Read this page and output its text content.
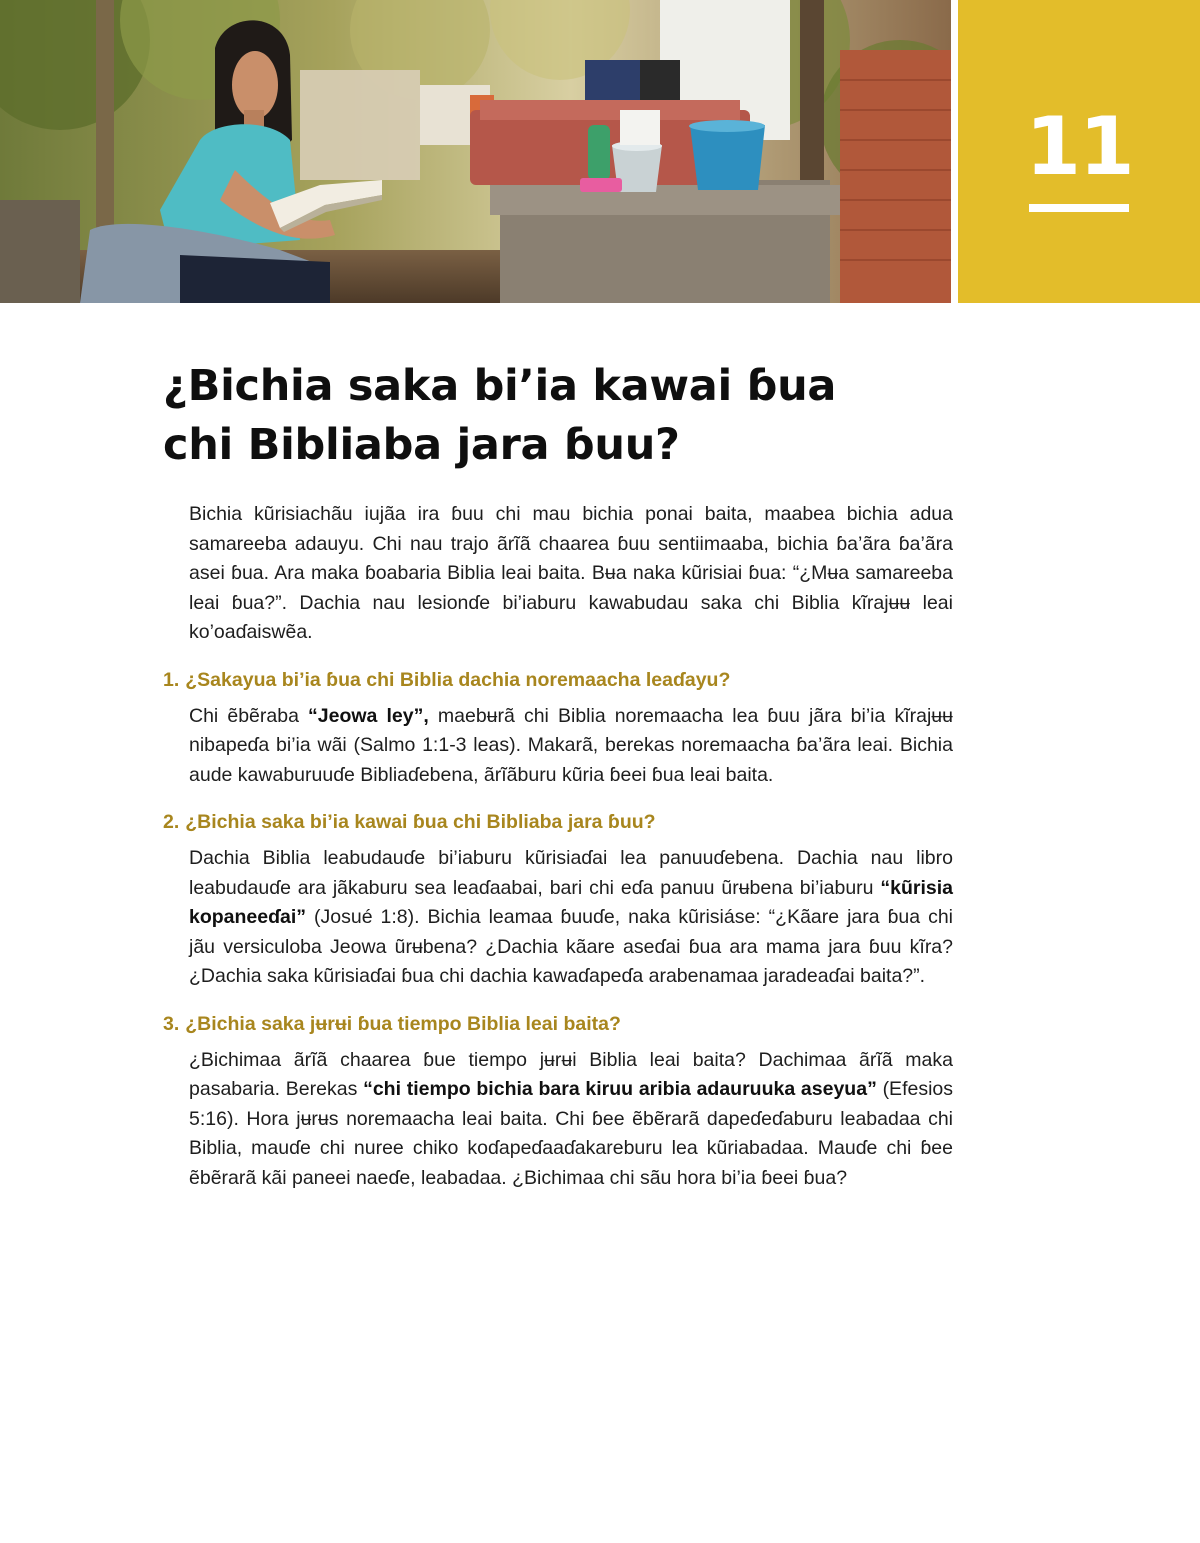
11
¿Bichia saka bi’ia kawai ɓua
chi Bibliaba jara ɓuu?

Bichia kũrisiachãu iujãa ira ɓuu chi mau bichia ponai baita, maabea bichia adua samareeba adauyu. Chi nau trajo ãrĩã chaarea ɓuu sentiimaaba, bichia ɓa’ãra ɓa’ãra asei ɓua. Ara maka ɓoabaria Biblia leai baita. Bʉa naka kũrisiai ɓua: “¿Mʉa samareeba leai ɓua?”. Dachia nau lesionɗe bi’iaburu kawabudau saka chi Biblia kĩrajʉʉ leai ko’oaɗaiswẽa.

1. ¿Sakayua bi’ia ɓua chi Biblia dachia noremaacha leaɗayu?

Chi ẽbẽraba “Jeowa ley”, maebʉrã chi Biblia noremaacha lea ɓuu jãra bi’ia kĩrajʉʉ nibapeɗa bi’ia wãi (Salmo 1:1-3 leas). Makarã, berekas noremaacha ɓa’ãra leai. Bichia aude kawaburuuɗe Bibliaɗebena, ãrĩãburu kũria ɓeei ɓua leai baita.

2. ¿Bichia saka bi’ia kawai ɓua chi Bibliaba jara ɓuu?

Dachia Biblia leabudauɗe bi’iaburu kũrisiaɗai lea panuuɗebena. Dachia nau libro leabudauɗe ara jãkaburu sea leaɗaabai, bari chi eɗa panuu ũrʉbena bi’iaburu “kũrisia kopaneeɗai” (Josué 1:8). Bichia leamaa ɓuuɗe, naka kũrisiáse: “¿Kãare jara ɓua chi jãu versiculoba Jeowa ũrʉbena? ¿Dachia kãare aseɗai ɓua ara mama jara ɓuu kĩra? ¿Dachia saka kũrisiaɗai ɓua chi dachia kawaɗapeɗa arabenamaa jaradeaɗai baita?”.

3. ¿Bichia saka jʉrʉi ɓua tiempo Biblia leai baita?

¿Bichimaa ãrĩã chaarea ɓue tiempo jʉrʉi Biblia leai baita? Dachimaa ãrĩã maka pasabaria. Berekas “chi tiempo bichia bara kiruu aribia adauruuka aseyua” (Efesios 5:16). Hora jʉrʉs noremaacha leai baita. Chi ɓee ẽbẽrarã dapeɗeɗaburu leabadaa chi Biblia, mauɗe chi nuree chiko koɗapeɗaaɗakareburu lea kũriabadaa. Mauɗe chi ɓee ẽbẽrarã kãi paneei naeɗe, leabadaa. ¿Bichimaa chi sãu hora bi’ia ɓeei ɓua?
